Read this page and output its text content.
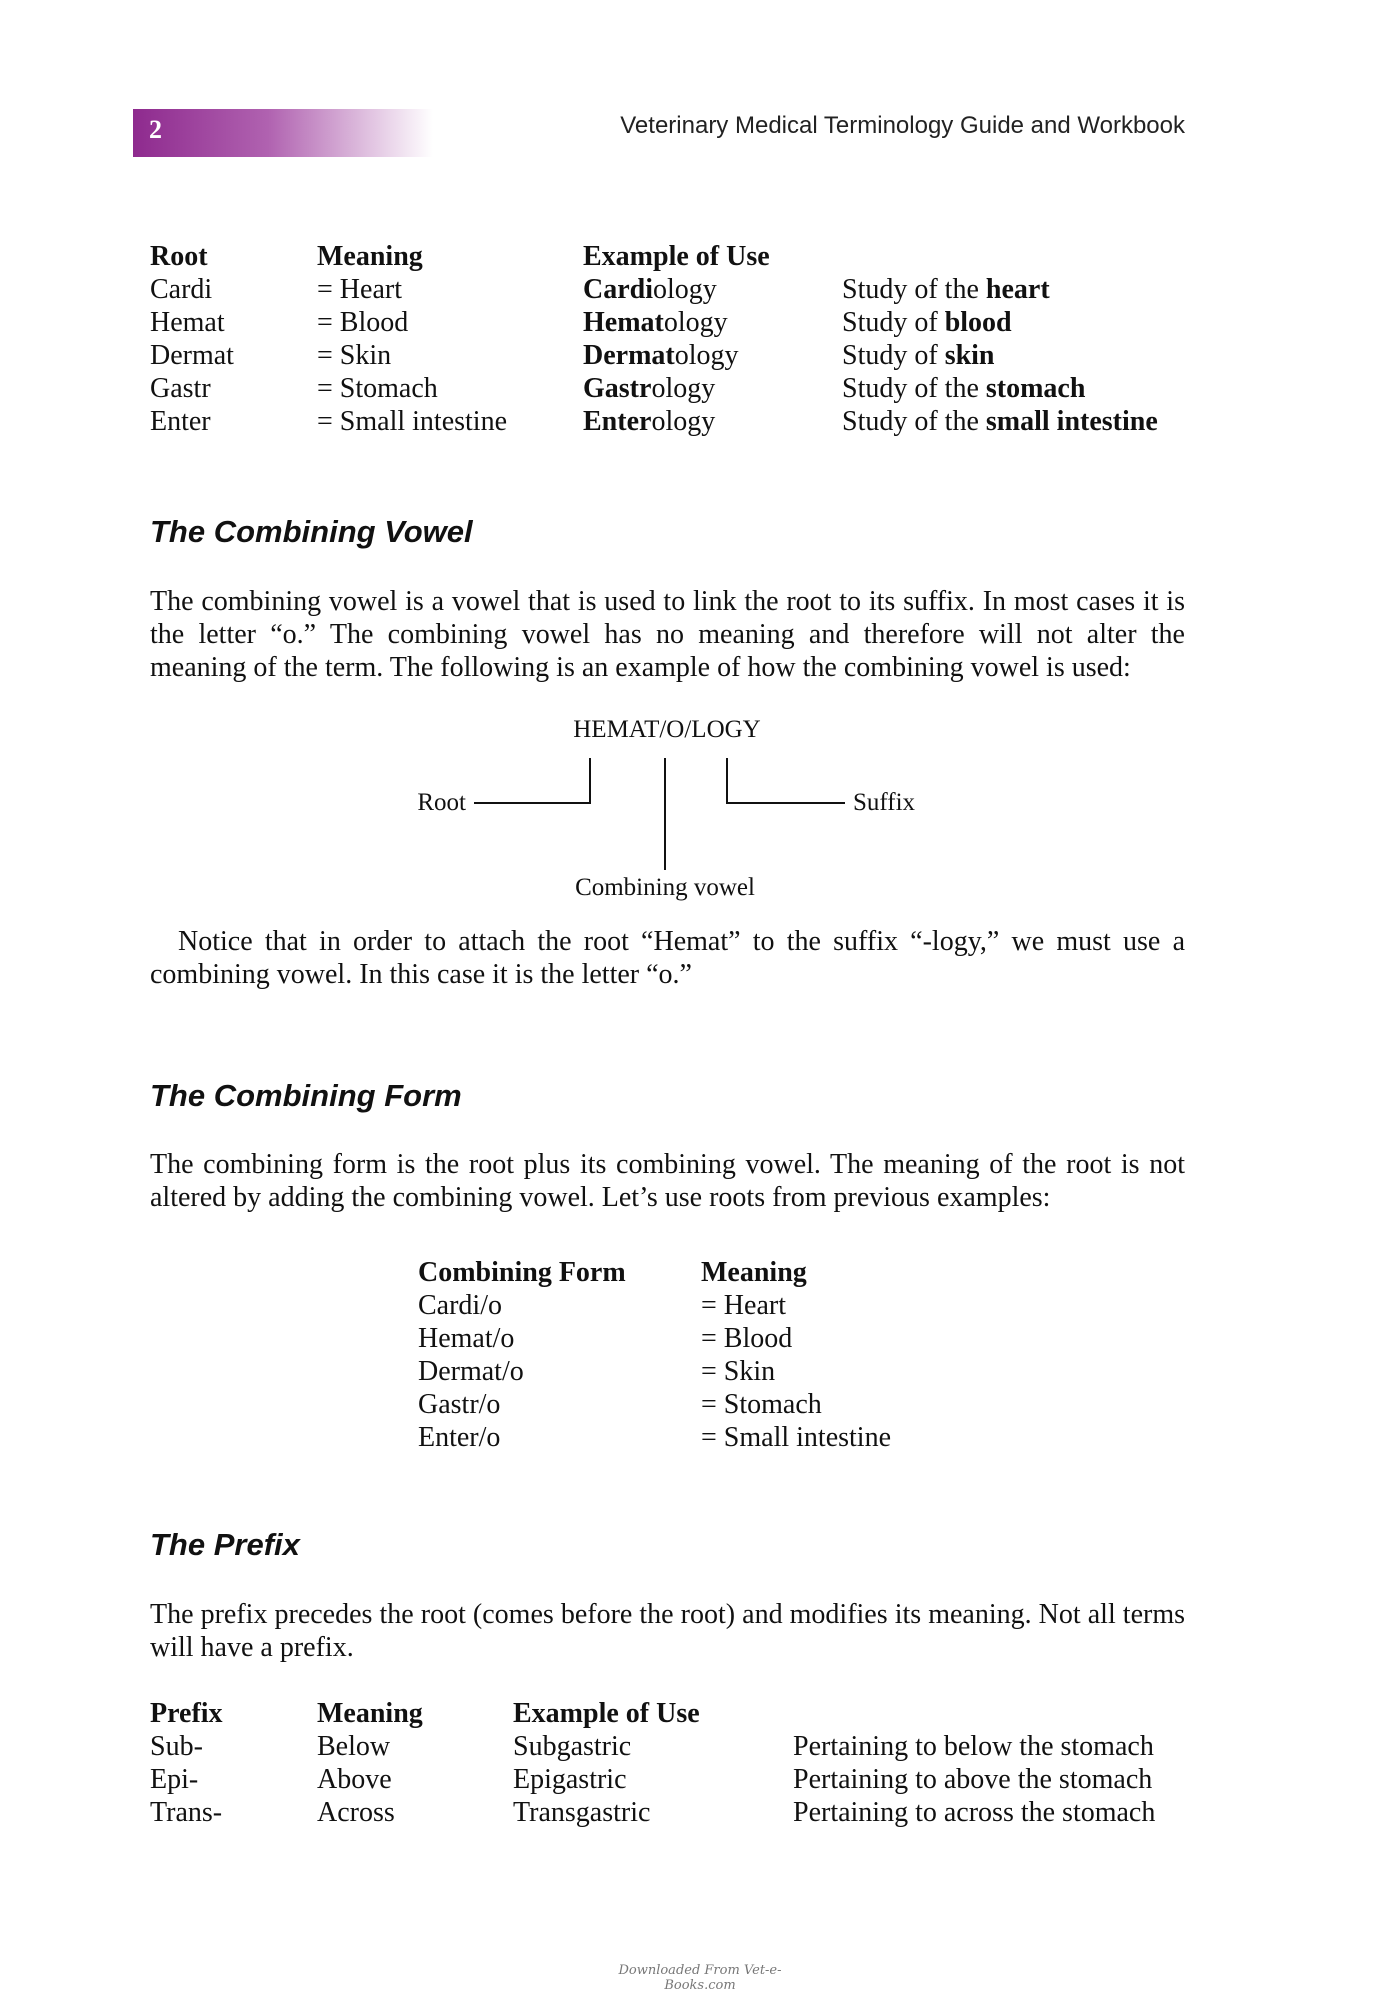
2	Veterinary Medical Terminology Guide and Workbook
Root	Meaning	Example of Use
Cardi	= Heart	Cardiology	Study of the heart
Hemat	= Blood	Hematology	Study of blood
Dermat	= Skin	Dermatology	Study of skin
Gastr	= Stomach	Gastrology	Study of the stomach
Enter	= Small intestine	Enterology	Study of the small intestine
The Combining Vowel
The combining vowel is a vowel that is used to link the root to its suffix. In most cases it is the letter “o.” The combining vowel has no meaning and therefore will not alter the meaning of the term. The following is an example of how the combining vowel is used:
HEMAT/O/LOGY
Root	Suffix
Combining vowel
Notice that in order to attach the root “Hemat” to the suffix “-logy,” we must use a combining vowel. In this case it is the letter “o.”
The Combining Form
The combining form is the root plus its combining vowel. The meaning of the root is not altered by adding the combining vowel. Let’s use roots from previous examples:
Combining Form	Meaning
Cardi/o	= Heart
Hemat/o	= Blood
Dermat/o	= Skin
Gastr/o	= Stomach
Enter/o	= Small intestine
The Prefix
The prefix precedes the root (comes before the root) and modifies its meaning. Not all terms will have a prefix.
Prefix	Meaning	Example of Use
Sub-	Below	Subgastric	Pertaining to below the stomach
Epi-	Above	Epigastric	Pertaining to above the stomach
Trans-	Across	Transgastric	Pertaining to across the stomach
Downloaded From Vet-e-Books.com
